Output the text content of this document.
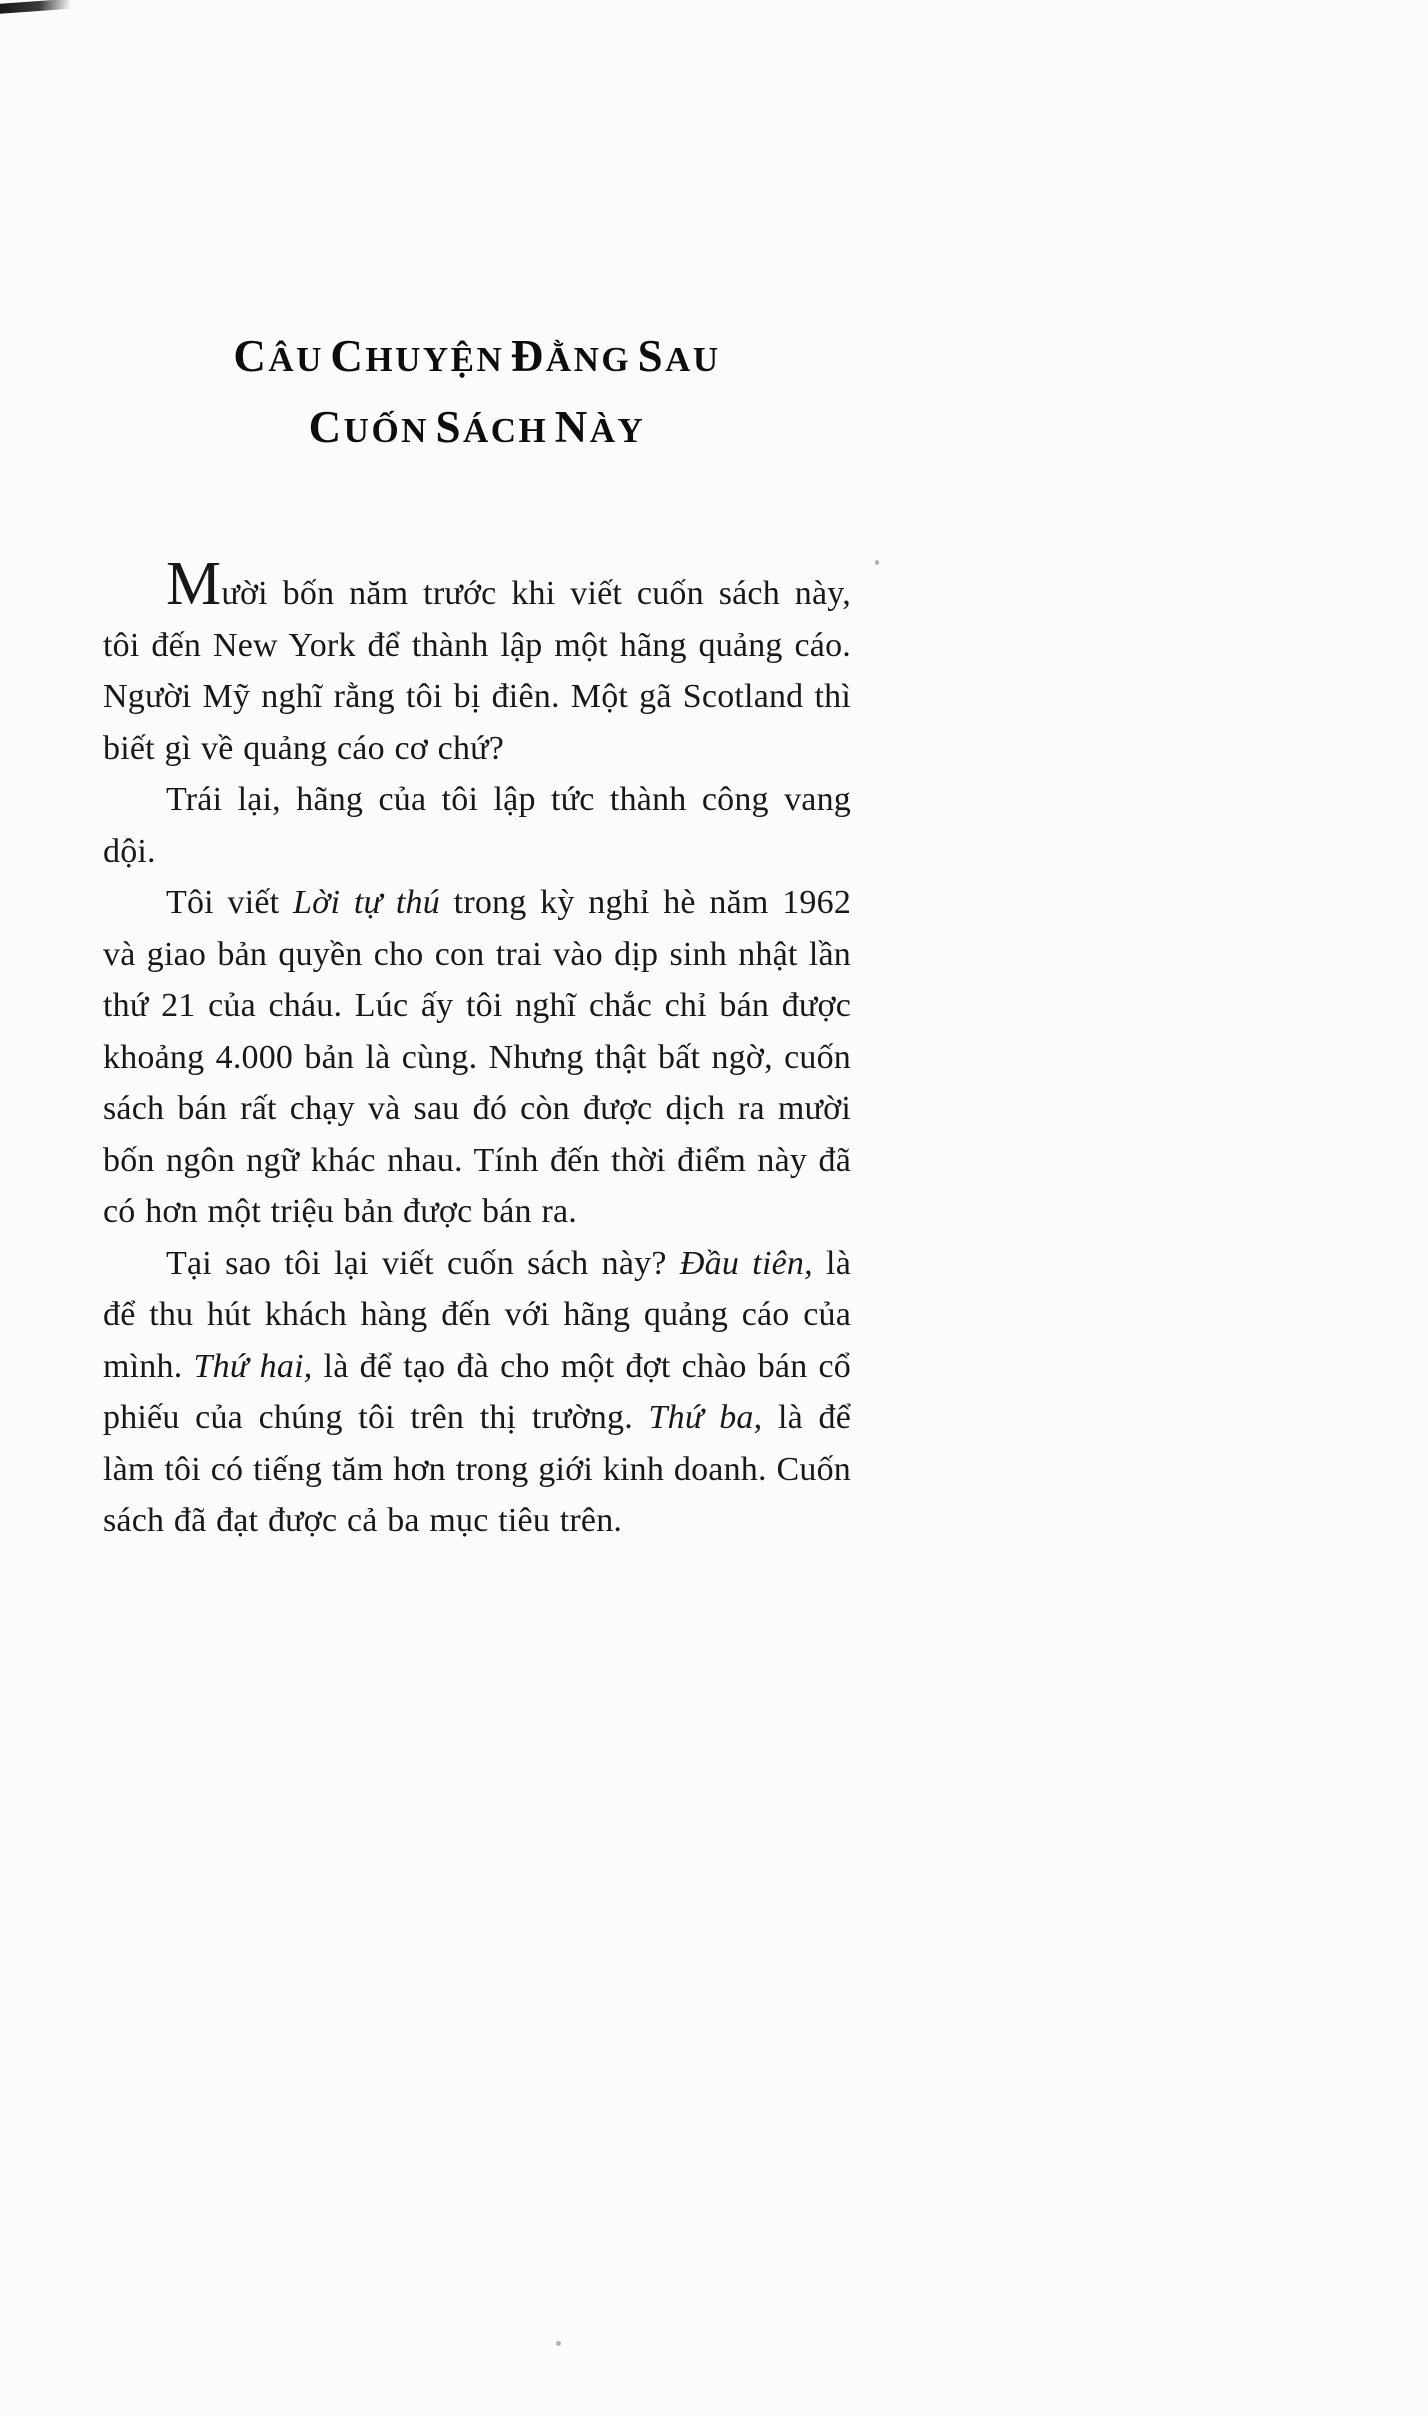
CÂU CHUYỆN ĐẰNG SAU
CUỐN SÁCH NÀY

Mười bốn năm trước khi viết cuốn sách này, tôi đến New York để thành lập một hãng quảng cáo. Người Mỹ nghĩ rằng tôi bị điên. Một gã Scotland thì biết gì về quảng cáo cơ chứ?

Trái lại, hãng của tôi lập tức thành công vang dội.

Tôi viết Lời tự thú trong kỳ nghỉ hè năm 1962 và giao bản quyền cho con trai vào dịp sinh nhật lần thứ 21 của cháu. Lúc ấy tôi nghĩ chắc chỉ bán được khoảng 4.000 bản là cùng. Nhưng thật bất ngờ, cuốn sách bán rất chạy và sau đó còn được dịch ra mười bốn ngôn ngữ khác nhau. Tính đến thời điểm này đã có hơn một triệu bản được bán ra.

Tại sao tôi lại viết cuốn sách này? Đầu tiên, là để thu hút khách hàng đến với hãng quảng cáo của mình. Thứ hai, là để tạo đà cho một đợt chào bán cổ phiếu của chúng tôi trên thị trường. Thứ ba, là để làm tôi có tiếng tăm hơn trong giới kinh doanh. Cuốn sách đã đạt được cả ba mục tiêu trên.
